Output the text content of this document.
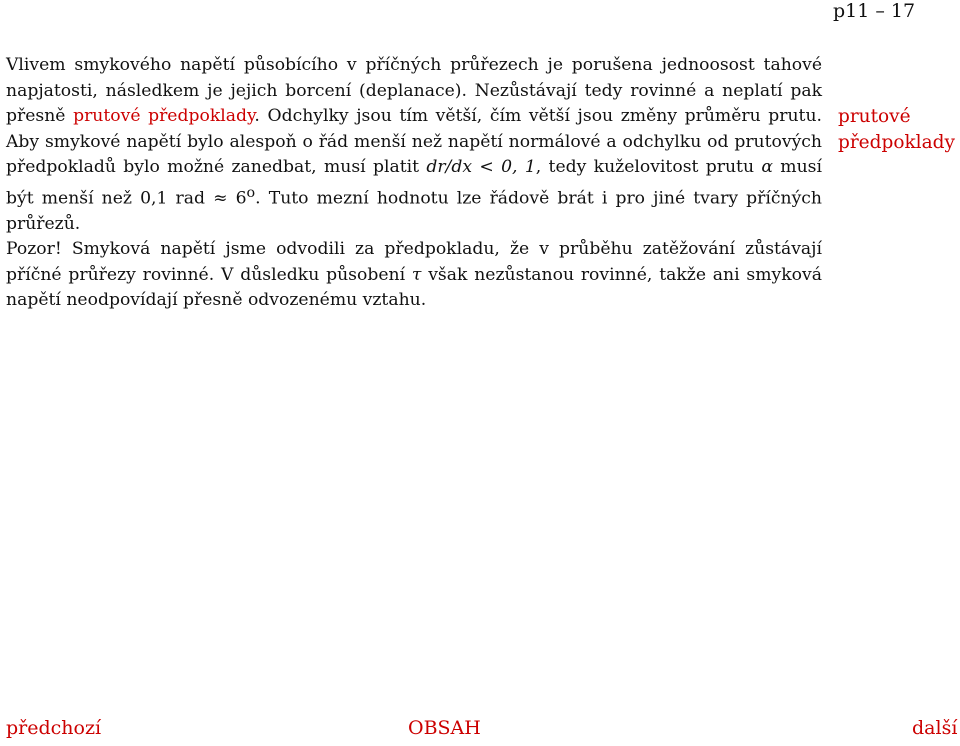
p11 – 17

Vlivem smykového napětí působícího v příčných průřezech je porušena jednoosost tahové napjatosti, následkem je jejich borcení (deplanace). Nezůstávají tedy rovinné a neplatí pak přesně prutové předpoklady. Odchylky jsou tím větší, čím větší jsou změny průměru prutu. Aby smykové napětí bylo alespoň o řád menší než napětí normálové a odchylku od prutových předpokladů bylo možné zanedbat, musí platit dr/dx < 0, 1, tedy kuželovitost prutu α musí být menší než 0,1 rad ≈ $6^o$. Tuto mezní hodnotu lze řádově brát i pro jiné tvary příčných průřezů.

Pozor! Smyková napětí jsme odvodili za předpokladu, že v průběhu zatěžování zůstávají příčné průřezy rovinné. V důsledku působení τ však nezůstanou rovinné, takže ani smyková napětí neodpovídají přesně odvozenému vztahu.

prutové
předpoklady
předchozí	OBSAH	další
